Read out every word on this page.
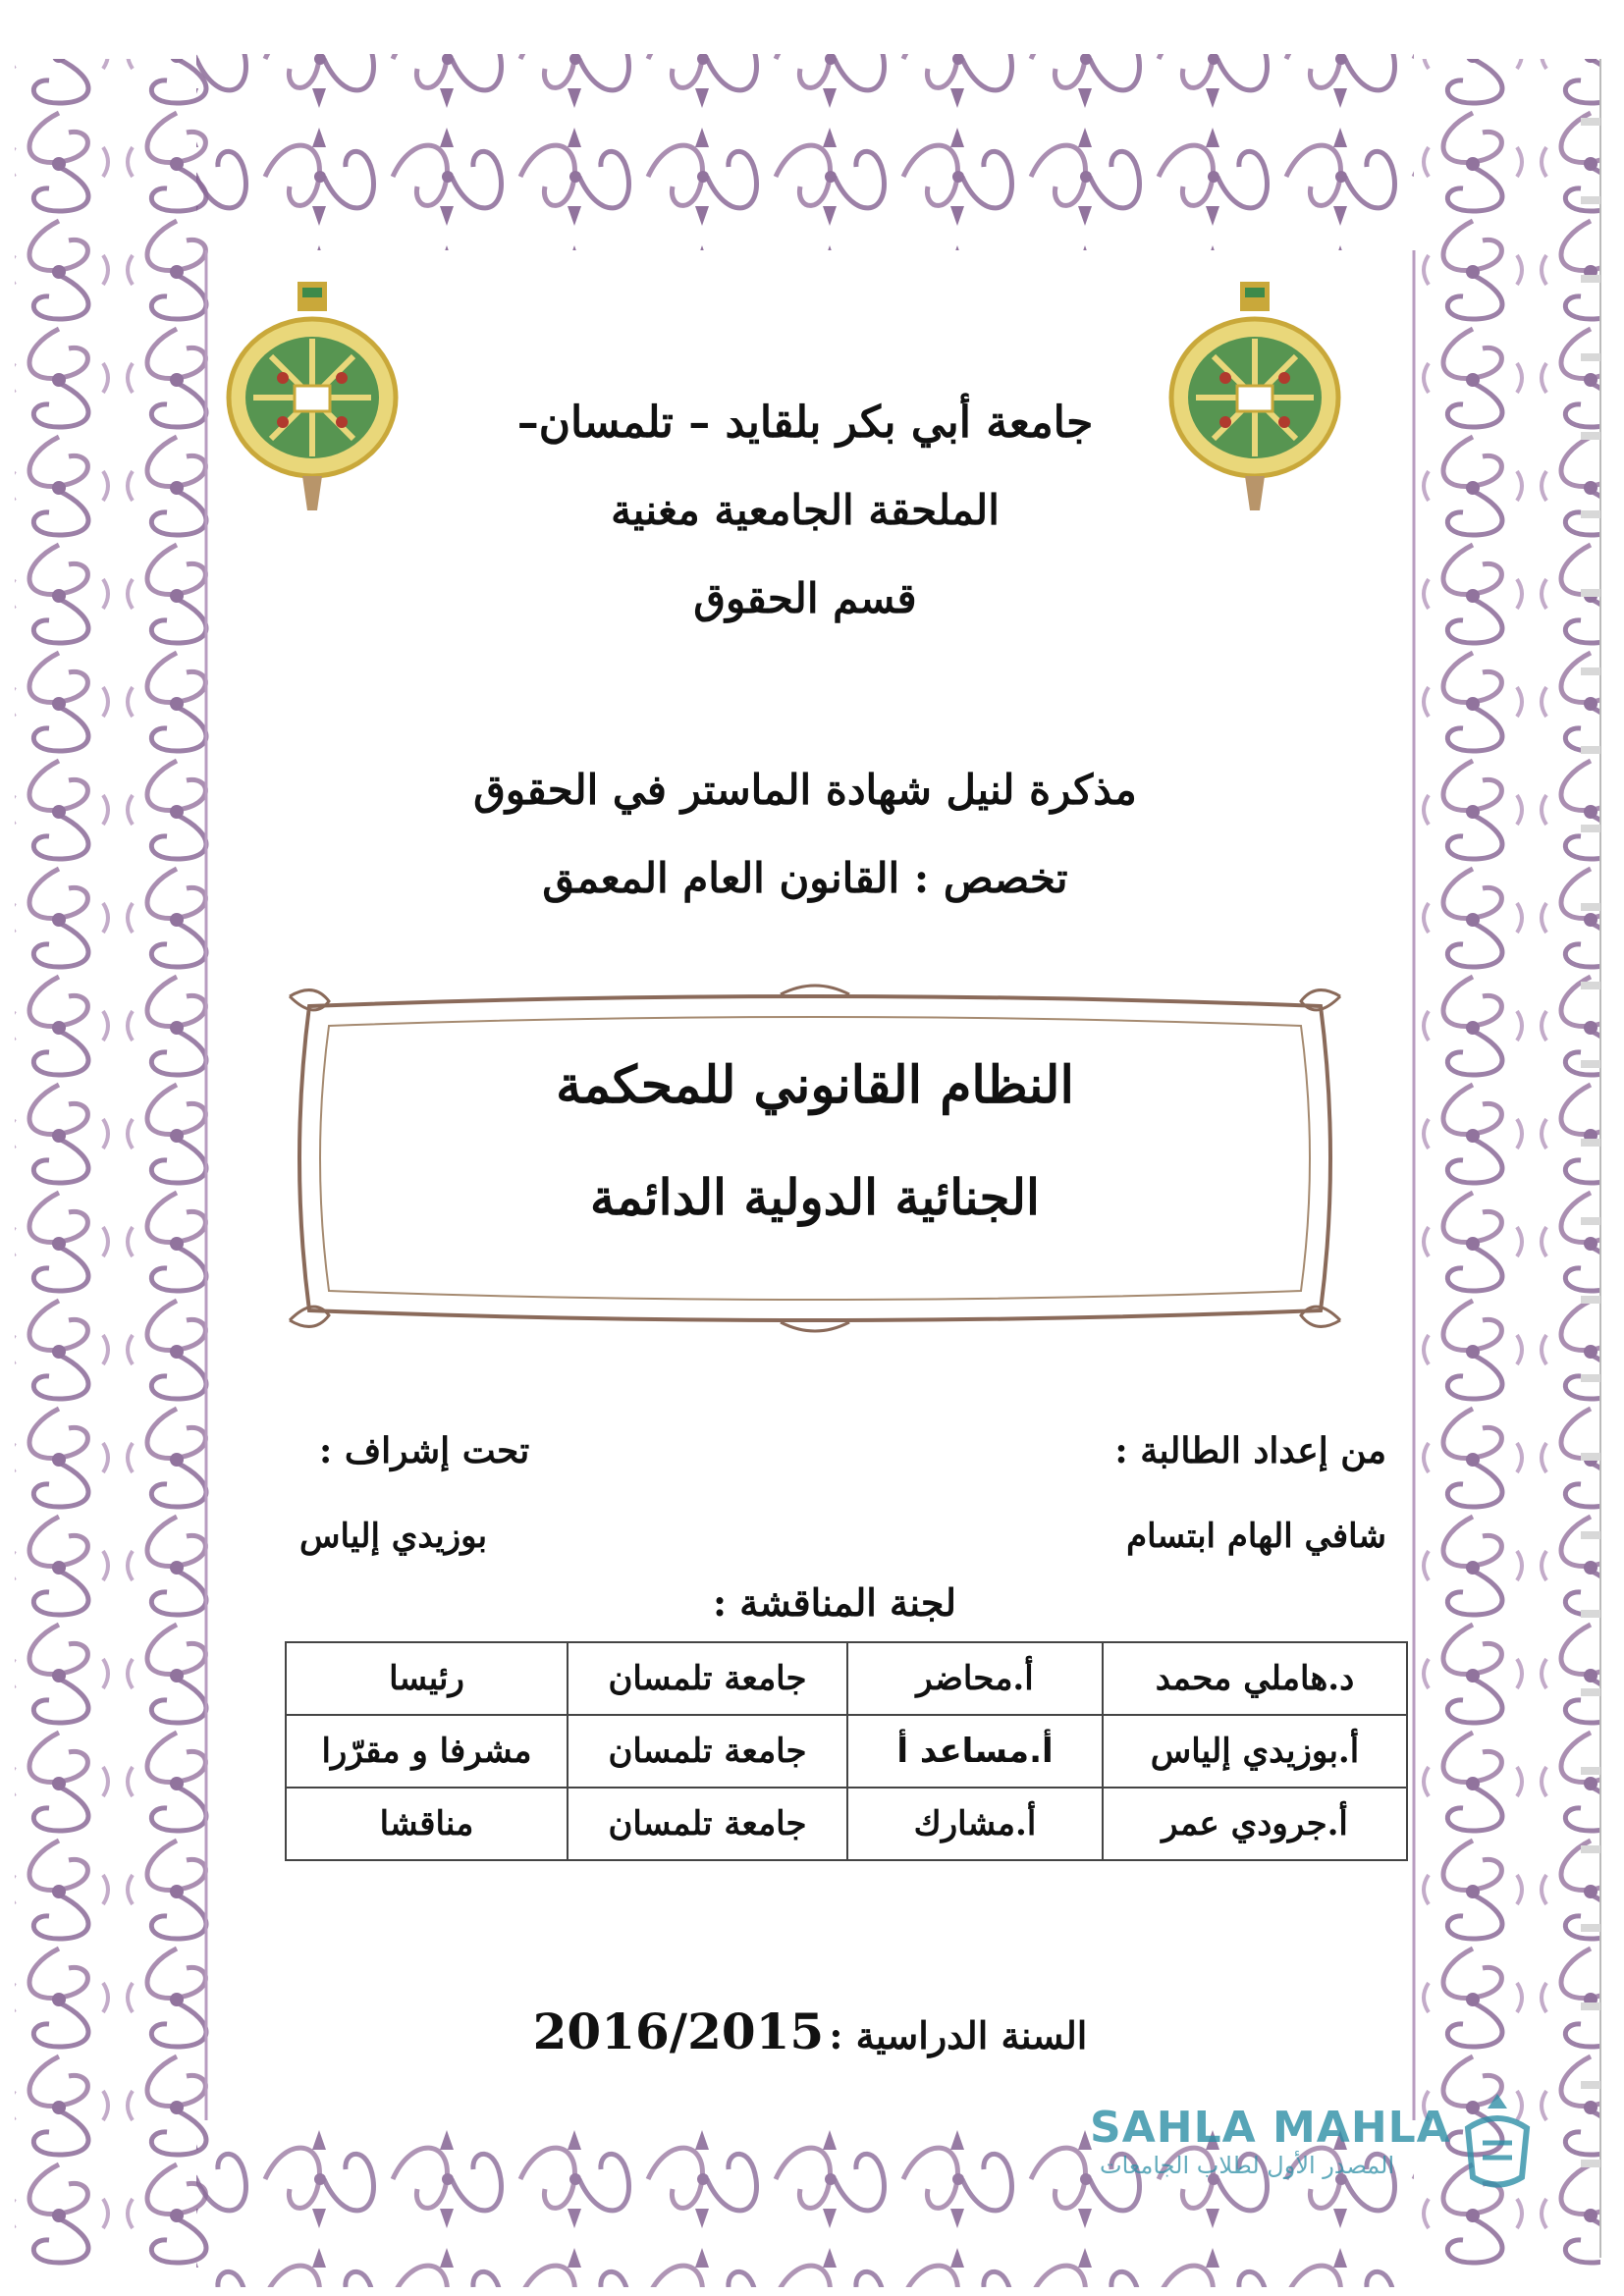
جامعة أبي بكر بلقايد – تلمسان–
الملحقة الجامعية مغنية
قسم الحقوق
مذكرة لنيل شهادة الماستر في الحقوق
تخصص : القانون العام المعمق
النظام القانوني للمحكمة
الجنائية الدولية الدائمة
من إعداد الطالبة :
شافي الهام ابتسام
تحت إشراف :
بوزيدي إلياس
لجنة المناقشة :
د.هاملي محمد	أ.محاضر	جامعة تلمسان	رئيسا
أ.بوزيدي إلياس	أ.مساعد أ	جامعة تلمسان	مشرفا و مقرّرا
أ.جرودي عمر	أ.مشارك	جامعة تلمسان	مناقشا
السنة الدراسية : 2016/2015
SAHLA MAHLA
المصدر الأول لطلاب الجامعات
